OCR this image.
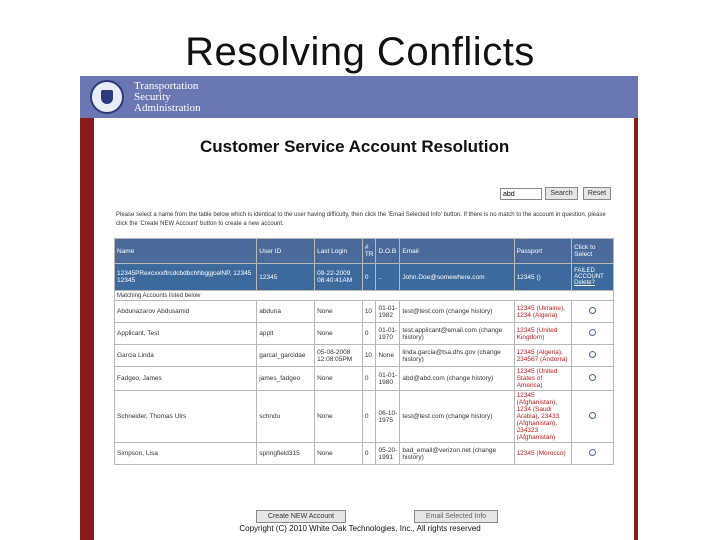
Resolving Conflicts
Transportation
Security
Administration
Customer Service Account Resolution
abd
Search	Reset
Please select a name from the table below which is identical to the user having difficulty, then click the 'Email Selected Info' button. If there is no match to the account in question, please click the 'Create NEW Account' button to create a new account.
Name	User ID	Last Login	# TR	D.O.B	Email	Passport	Click to Select
12345PRexcxxxflrcdcbdbchhbggjcelNP, 12345 12345	12345	09-22-2009 08:40:41AM	0	..	John.Doe@somewhere.com	12345 ()	FAILED ACCOUNT
Delete?

Matching Accounts listed below							
Abdunazarov Abdusamid	abduna	None	10	01-01-1982	test@test.com (change history)	12345 (Ukraine), 1234 (Algeria)	
Applicant, Test	applt	None	0	01-01-1970	test.applicant@email.com (change history)	12345 (United Kingdom)	
Garcia Linda	garcal_garcidae	05-08-2008 12:08:05PM	10	None	linda.garcia@tsa.dhs.gov (change history)	12345 (Algeria), 234567 (Andorra)	
Fadgeo, James	james_fadgeo	None	0	01-01-1980	abd@abd.com (change history)	12345 (United States of America)	
Schneider, Thomas Ulrs	schndu	None	0	06-10-1975	test@test.com (change history)	12345 (Afghanistan), 1234 (Saudi Arabia), 23433 (Afghanistan), 234323 (Afghanistan)	
Simpson, Lisa	springfield315	None	0	05-20-1991	bad_email@verizon.net (change history)	12345 (Morocco)	
Create NEW Account	Email Selected Info
Copyright (C) 2010 White Oak Technologies, Inc., All rights reserved
